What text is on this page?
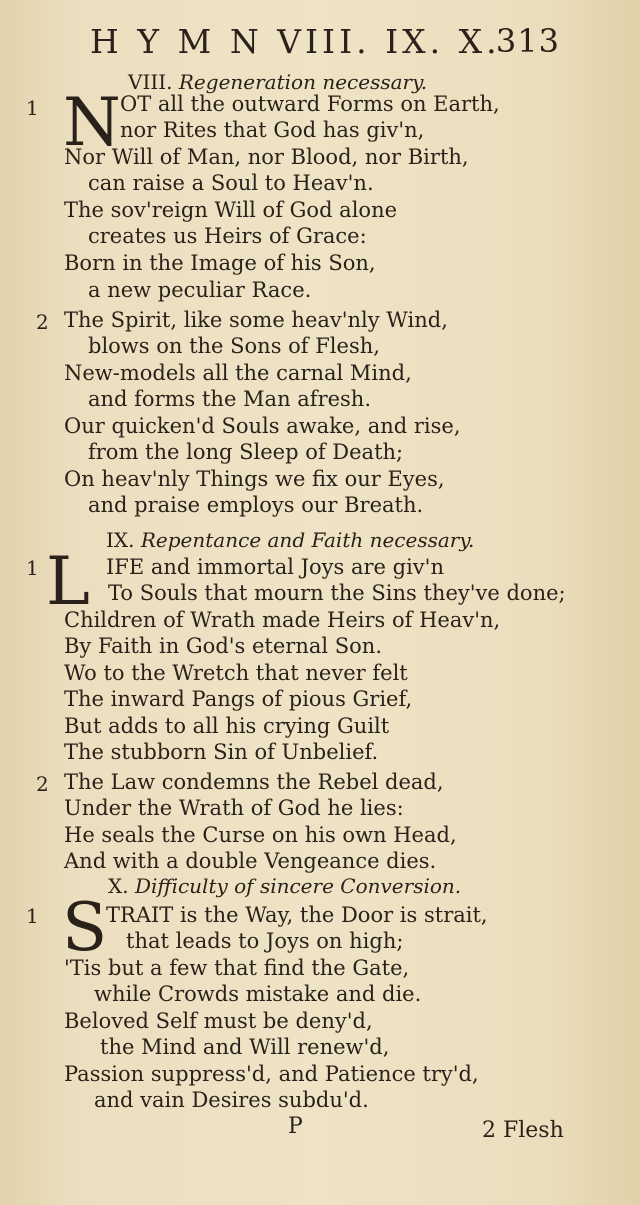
H Y M N VIII. IX. X.
313
VIII. Regeneration necessary.
1 N OT all the outward Forms on Earth,
nor Rites that God has giv'n,
Nor Will of Man, nor Blood, nor Birth,
can raise a Soul to Heav'n.
The sov'reign Will of God alone
creates us Heirs of Grace:
Born in the Image of his Son,
a new peculiar Race.
2 The Spirit, like some heav'nly Wind,
blows on the Sons of Flesh,
New-models all the carnal Mind,
and forms the Man afresh.
Our quicken'd Souls awake, and rise,
from the long Sleep of Death;
On heav'nly Things we fix our Eyes,
and praise employs our Breath.
IX. Repentance and Faith necessary.
1 L IFE and immortal Joys are giv'n
To Souls that mourn the Sins they've done;
Children of Wrath made Heirs of Heav'n,
By Faith in God's eternal Son.
Wo to the Wretch that never felt
The inward Pangs of pious Grief,
But adds to all his crying Guilt
The stubborn Sin of Unbelief.
2 The Law condemns the Rebel dead,
Under the Wrath of God he lies:
He seals the Curse on his own Head,
And with a double Vengeance dies.
X. Difficulty of sincere Conversion.
1 S
TRAIT is the Way, the Door is strait,
that leads to Joys on high;
'Tis but a few that find the Gate,
while Crowds mistake and die.
Beloved Self must be deny'd,
the Mind and Will renew'd,
Passion suppress'd, and Patience try'd,
and vain Desires subdu'd.
P	2 Flesh
